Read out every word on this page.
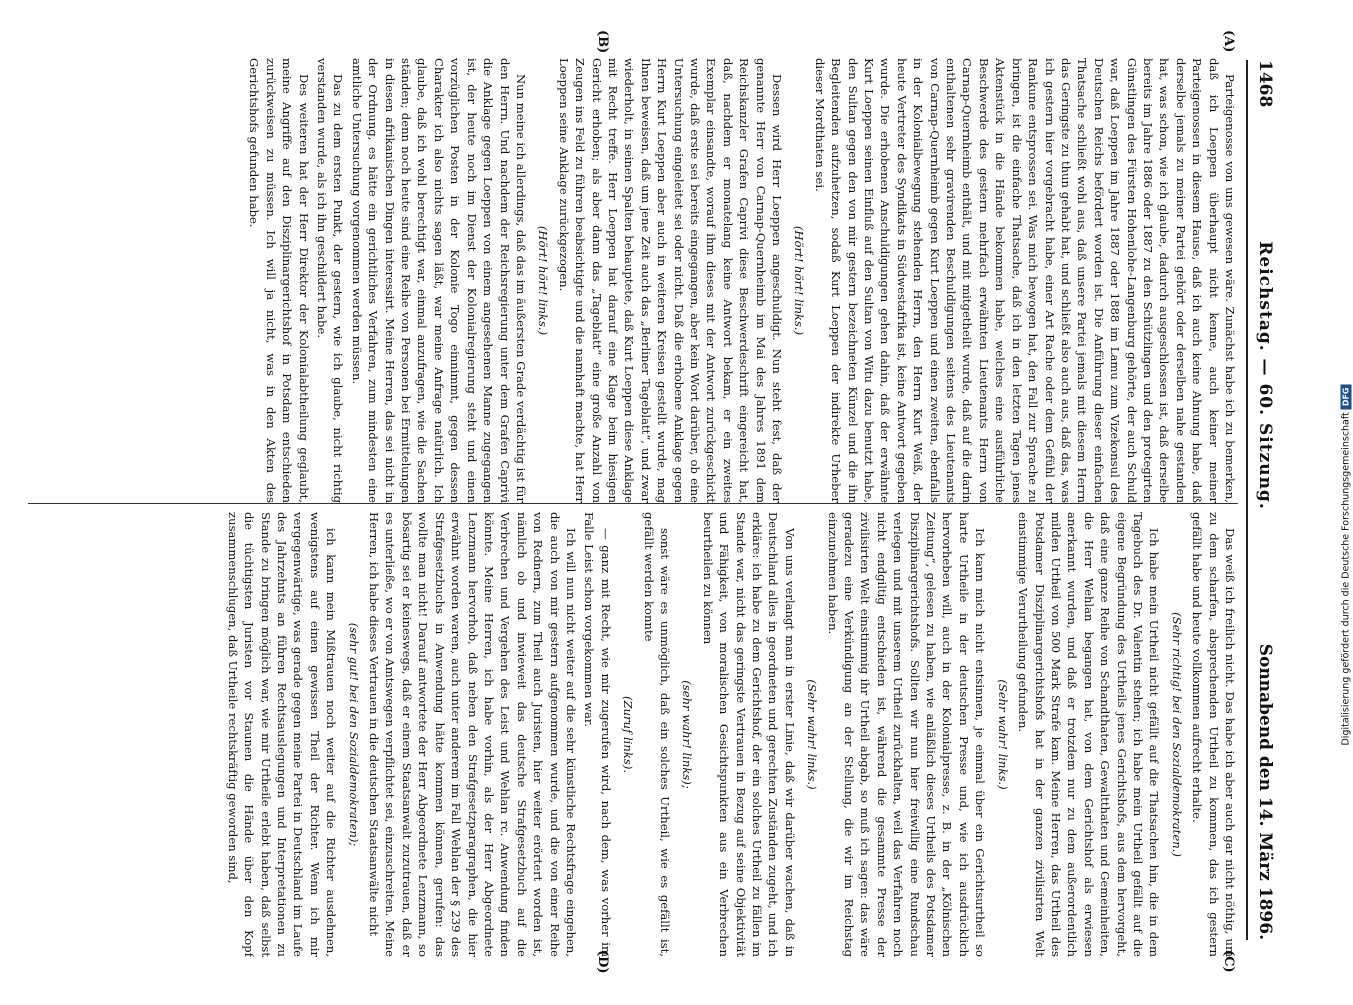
1468
Reichstag. — 60. Sitzung.
Sonnabend den 14. März 1896.
(A)
(B)
(C)
(D)

Parteigenosse von uns gewesen wäre. Zunächst habe ich zu bemerken, daß ich Loeppen überhaupt nicht kenne, auch keiner meiner Parteigenossen in diesem Hause, daß ich auch keine Ahnung habe, daß derselbe jemals zu meiner Partei gehört oder derselben nahe gestanden hat, was schon, wie ich glaube, dadurch ausgeschlossen ist, daß derselbe bereits im Jahre 1886 oder 1887 zu den Schützlingen und den protegirten Günstlingen des Fürsten Hohenlohe-Langenburg gehörte, der auch Schuld war, daß Loeppen im Jahre 1887 oder 1888 im Lamu zum Vizekonsul des Deutschen Reichs befördert worden ist. Die Anführung dieser einfachen Thatsache schließt wohl aus, daß unsere Partei jemals mit diesem Herrn das Geringste zu thun gehabt hat, und schließt also auch aus, daß das, was ich gestern hier vorgebracht habe, einer Art Rache oder dem Gefühl der Rankune entsprossen sei. Was mich bewogen hat, den Fall zur Sprache zu bringen, ist die einfache Thatsache, daß ich in den letzten Tagen jenes Aktenstück in die Hände bekommen habe, welches eine ausführliche Beschwerde des gestern mehrfach erwähnten Lieutenants Herrn von Carnap-Quernheimb enthält, und mit mitgetheilt wurde, daß auf die darin enthaltenen sehr gravirenden Beschuldigungen seitens des Lieutenants von Carnap-Quernheimb gegen Kurt Loeppen und einen zweiten, ebenfalls in der Kolonialbewegung stehenden Herrn, den Herrn Kurt Weiß, der heute Vertreter des Syndikats in Südwestafrika ist, keine Antwort gegeben wurde. Die erhobenen Anschuldigungen gehen dahin, daß der erwähnte Kurt Loeppen seinen Einfluß auf den Sultan von Witu dazu benutzt habe, den Sultan gegen den von mir gestern bezeichneten Künzel und die ihn Begleitenden aufzuhetzen, sodaß Kurt Loeppen der indirekte Urheber dieser Mordthaten sei.

(Hört! hört! links.)

Dessen wird Herr Loeppen angeschuldigt. Nun steht fest, daß der genannte Herr von Carnap-Quernheimb im Mai des Jahres 1891 dem Reichskanzler Grafen Caprivi diese Beschwerdeschrift eingereicht hat, daß, nachdem er monatelang keine Antwort bekam, er ein zweites Exemplar einsandte, worauf ihm dieses mit der Antwort zurückgeschickt wurde, daß erste sei bereits eingegangen, aber kein Wort darüber, ob eine Untersuchung eingeleitet sei oder nicht. Daß die erhobene Anklage gegen Herrn Kurt Loeppen aber auch in weiteren Kreisen gestellt wurde, mag Ihnen beweisen, daß um jene Zeit auch das „Berliner Tageblatt“, und zwar wiederholt, in seinen Spalten behauptete, daß Kurt Loeppen diese Anklage mit Recht treffe. Herr Loeppen hat darauf eine Klage beim hiesigen Gericht erhoben; als aber dann das „Tageblatt“ eine große Anzahl von Zeugen ins Feld zu führen beabsichtigte und die namhaft machte, hat Herr Loeppen seine Anklage zurückgezogen.

(Hört! hört! links.)

Nun meine ich allerdings, daß das im äußersten Grade verdächtig ist für den Herrn. Und nachdem der Reichsregierung unter dem Grafen Caprivi die Anklage gegen Loeppen von einem angesehenen Manne zugegangen ist, der heute noch im Dienst der Kolonialregierung steht und einen vorzüglichen Posten in der Kolonie Togo einnimmt, gegen dessen Charakter ich also nichts sagen läßt, war meine Anfrage natürlich. Ich glaube, daß ich wohl berechtigt war, einmal anzufragen, wie die Sachen ständen; denn noch heute sind eine Reihe von Personen bei Ermittelungen in diesen afrikanischen Dingen interessirt. Meine Herren, das sei nicht in der Ordnung, es hätte ein gerichtliches Verfahren, zum mindesten eine amtliche Untersuchung vorgenommen werden müssen.

Das zu dem ersten Punkt, der gestern, wie ich glaube, nicht richtig verstanden wurde, als ich ihn geschildert habe.

Des weiteren hat der Herr Direktor der Kolonialabtheilung geglaubt, meine Angriffe auf den Disziplinargerichtshof in Potsdam entschieden zurückweisen zu müssen. Ich will ja nicht, was in den Akten des Gerichtshofs gefunden habe.

Das weiß ich freilich nicht. Das habe ich aber auch gar nicht nöthig, um zu dem scharfen, absprechenden Urtheil zu kommen, das ich gestern gefällt habe und heute vollkommen aufrecht erhalte.

(Sehr richtig! bei den Sozialdemokraten.)

Ich habe mein Urtheil nicht gefällt auf die Thatsachen hin, die in dem Tagebuch des Dr. Valentin stehen; ich habe mein Urtheil gefällt auf die eigene Begründung des Urtheils jenes Gerichtshofs, aus dem hervorgeht, daß eine ganze Reihe von Schandthaten, Gewaltthaten und Gemeinheiten, die Herr Wehlan begangen hat, von dem Gerichtshof als erwiesen anerkannt wurden, und daß er trotzdem nur zu dem außerordentlich milden Urtheil von 500 Mark Strafe kam. Meine Herren, das Urtheil des Potsdamer Disziplinargerichtshofs hat in der ganzen zivilisirten Welt einstimmige Verurtheilung gefunden.

(Sehr wahr! links.)

Ich kann mich nicht entsinnen, je einmal über ein Gerichtsurtheil so harte Urtheile in der deutschen Presse und, wie ich ausdrücklich hervorheben will, auch in der Kolonialpresse, z. B. in der „Kölnischen Zeitung“, gelesen zu haben, wie anläßlich dieses Urtheils des Potsdamer Disziplinargerichtshofs. Sollten wir nun hier freiwillig eine Rundschau verlegen und mit unserem Urtheil zurückhalten, weil das Verfahren noch nicht endgiltig entschieden ist, während die gesammte Presse der zivilisirten Welt einstimmig ihr Urtheil abgab, so muß ich sagen: das wäre geradezu eine Verkündigung an der Stellung, die wir im Reichstag einzunehmen haben.

(Sehr wahr! links.)

Von uns verlangt man in erster Linie, daß wir darüber wachen, daß in Deutschland alles in geordneten und gerechten Zuständen zugeht, und ich erkläre: ich habe zu dem Gerichtshof, der ein solches Urtheil zu fällen im Stande war, nicht das geringste Vertrauen in Bezug auf seine Objektivität und Fähigkeit, von moralischen Gesichtspunkten aus ein Verbrechen beurtheilen zu können

(sehr wahr! links);

sonst wäre es unmöglich, daß ein solches Urtheil, wie es gefällt ist, gefällt werden konnte

(Zuruf links).

— ganz mit Recht, wie mir zugerufen wird, nach dem, was vorher im Falle Leist schon vorgekommen war.

Ich will nun nicht weiter auf die sehr künstliche Rechtsfrage eingehen, die auch von mir gestern aufgenommen wurde, und die von einer Reihe von Rednern, zum Theil auch Juristen, hier weiter erörtert worden ist, nämlich ob und inwieweit das deutsche Strafgesetzbuch auf die Verbrechen und Vergehen des Leist und Wehlan rc. Anwendung finden könnte. Meine Herren, ich habe vorhin, als der Herr Abgeordnete Lenzmann hervorhob, daß neben den Strafgesetzparagraphen, die hier erwähnt worden waren, auch unter anderem im Fall Wehlan der § 239 des Strafgesetzbuchs in Anwendung hätte kommen können, gerufen: das wollte man nicht! Darauf antwortete der Herr Abgeordnete Lenzmann, so bösartig sei er keineswegs, daß er einem Staatsanwalt zuzutrauen, daß er es unterließe, wo er von Amtswegen verpflichtet sei, einzuschreiten. Meine Herren, ich habe dieses Vertrauen in die deutschen Staatsanwälte nicht

(sehr gut! bei den Sozialdemokraten);

ich kann mein Mißtrauen noch weiter auf die Richter ausdehnen, wenigstens auf einen gewissen Theil der Richter. Wenn ich mir vergegenwärtige, was gerade gegen meine Partei in Deutschland im Laufe des Jahrzehnts an führen Rechtsauslegungen und Interpretationen zu Stande zu bringen möglich war, wie mir Urtheile erlebt haben, daß selbst die tüchtigsten Juristen vor Staunen die Hände über den Kopf zusammenschlugen, daß Urtheile rechtskräftig geworden sind,	Digitalisierung gefördert durch die Deutsche Forschungsgemeinschaft DFG
